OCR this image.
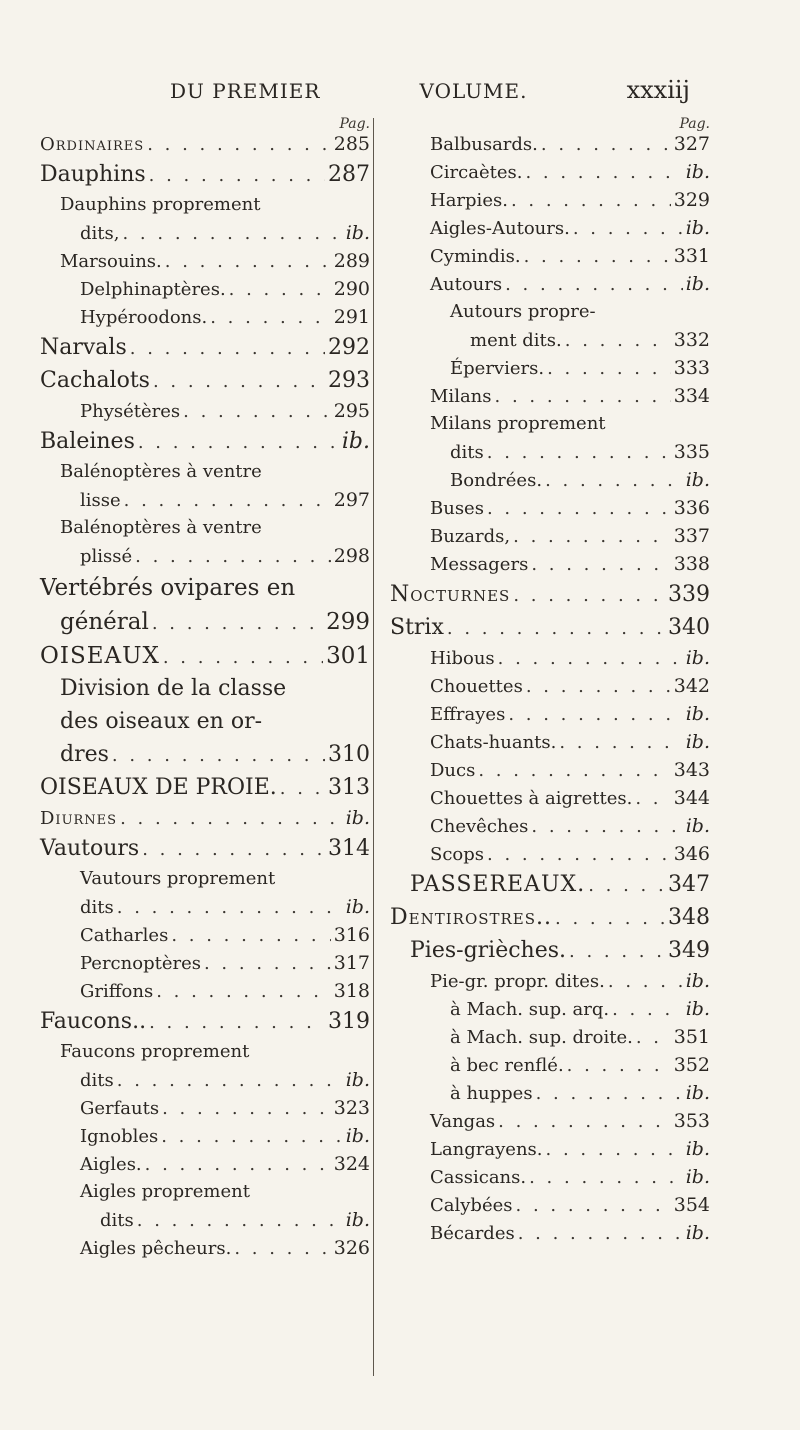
DU PREMIER	VOLUME.	xxxiij
Pag.
Ordinaires . . .	285
Dauphins . . .	287
Dauphins proprement
dits, . . .	ib.
Marsouins. . . .	289
Delphinaptères. . . .	290
Hypéroodons. . . .	291
Narvals . . .	292
Cachalots . . .	293
Physétères . . .	295
Baleines . . .	ib.
Balénoptères à ventre
lisse . . .	297
Balénoptères à ventre
plissé . . .	298
Vertébrés ovipares en
général . . .	299
OISEAUX . . .	301
Division de la classe
des oiseaux en or-
dres . . .	310
OISEAUX DE PROIE. . . . 313
Diurnes . . .	ib.
Vautours . . .	314
Vautours proprement
dits . . .	ib.
Catharles . . .	316
Percnoptères . . .	317
Griffons . . .	318
Faucons.. . . .	319
Faucons proprement
dits . . .	ib.
Gerfauts . . .	323
Ignobles . . .	ib.
Aigles. . . .	324
Aigles proprement
dits . . .	ib.
Aigles pêcheurs. . . .	326
Pag.
Balbusards. . . .	327
Circaètes. . . .	ib.
Harpies. . . .	329
Aigles-Autours. . . .	ib.
Cymindis. . . .	331
Autours . . .	ib.
Autours propre-
ment dits. . . .	332
Éperviers. . . .	333
Milans . . .	334
Milans proprement
dits . . .	335
Bondrées. . . .	ib.
Buses . . .	336
Buzards, . . .	337
Messagers . . .	338
Nocturnes . . .	339
Strix . . .	340
Hibous . . .	ib.
Chouettes . . .	342
Effrayes . . .	ib.
Chats-huants. . . .	ib.
Ducs . . .	343
Chouettes à aigrettes. . . . 344
Chevêches . . .	ib.
Scops . . .	346
PASSEREAUX. . . .	347
Dentirostres.. . . .	348
Pies-grièches. . . .	349
Pie-gr. propr. dites. . . .	ib.
à Mach. sup. arq. . . .	ib.
à Mach. sup. droite. . . . 351
à bec renflé. . . .	352
à huppes . . .	ib.
Vangas . . .	353
Langrayens. . . .	ib.
Cassicans. . . .	ib.
Calybées . . .	354
Bécardes . . .	ib.
